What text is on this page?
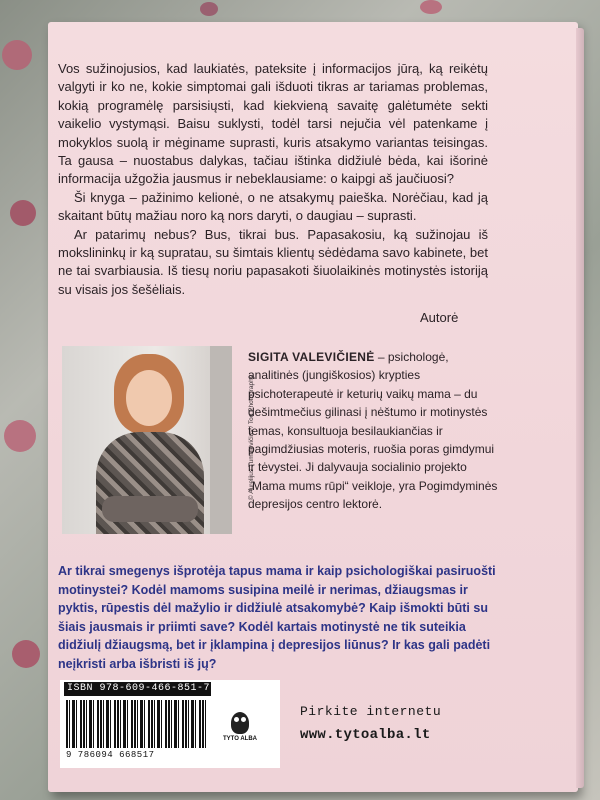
Vos sužinojusios, kad laukiatės, pateksite į informacijos jūrą, ką reikėtų valgyti ir ko ne, kokie simptomai gali išduoti tikras ar tariamas problemas, kokią programėlę parsisiųsti, kad kiekvieną savaitę galėtumėte sekti vaikelio vystymąsi. Baisu suklysti, todėl tarsi nejučia vėl patenkame į mokyklos suolą ir mėginame suprasti, kuris atsakymo variantas teisingas. Ta gausa – nuostabus dalykas, tačiau ištinka didžiulė bėda, kai išorinė informacija užgožia jausmus ir nebeklausiame: o kaipgi aš jaučiuosi?

Ši knyga – pažinimo kelionė, o ne atsakymų paieška. Norėčiau, kad ją skaitant būtų mažiau noro ką nors daryti, o daugiau – suprasti.

Ar patarimų nebus? Bus, tikrai bus. Papasakosiu, ką sužinojau iš mokslininkų ir ką supratau, su šimtais klientų sėdėdama savo kabinete, bet ne tai svarbiausia. Iš tiesų noriu papasakoti šiuolaikinės motinystės istoriją su visais jos šešėliais.

Autorė
SIGITA VALEVIČIENĖ – psichologė, analitinės (jungiškosios) krypties psichoterapeutė ir keturių vaikų mama – du dešimtmečius gilinasi į nėštumo ir motinystės temas, konsultuoja besilaukiančias ir pagimdžiusias moteris, ruošia poras gimdymui ir tėvystei. Ji dalyvauja socialinio projekto „Mama mums rūpi“ veikloje, yra Pogimdyminės depresijos centro lektorė.
Ar tikrai smegenys išprotėja tapus mama ir kaip psichologiškai pasiruošti motinystei? Kodėl mamoms susipina meilė ir nerimas, džiaugsmas ir pyktis, rūpestis dėl mažylio ir didžiulė atsakomybė? Kaip išmokti būti su šiais jausmais ir priimti save? Kodėl kartais motinystė ne tik suteikia didžiulį džiaugsmą, bet ir įklampina į depresijos liūnus? Ir kas gali padėti neįkristi arba išbristi iš jų?
ISBN 978-609-466-851-7
9 786094 668517
TYTO ALBA
Pirkite internetu
www.tytoalba.lt
